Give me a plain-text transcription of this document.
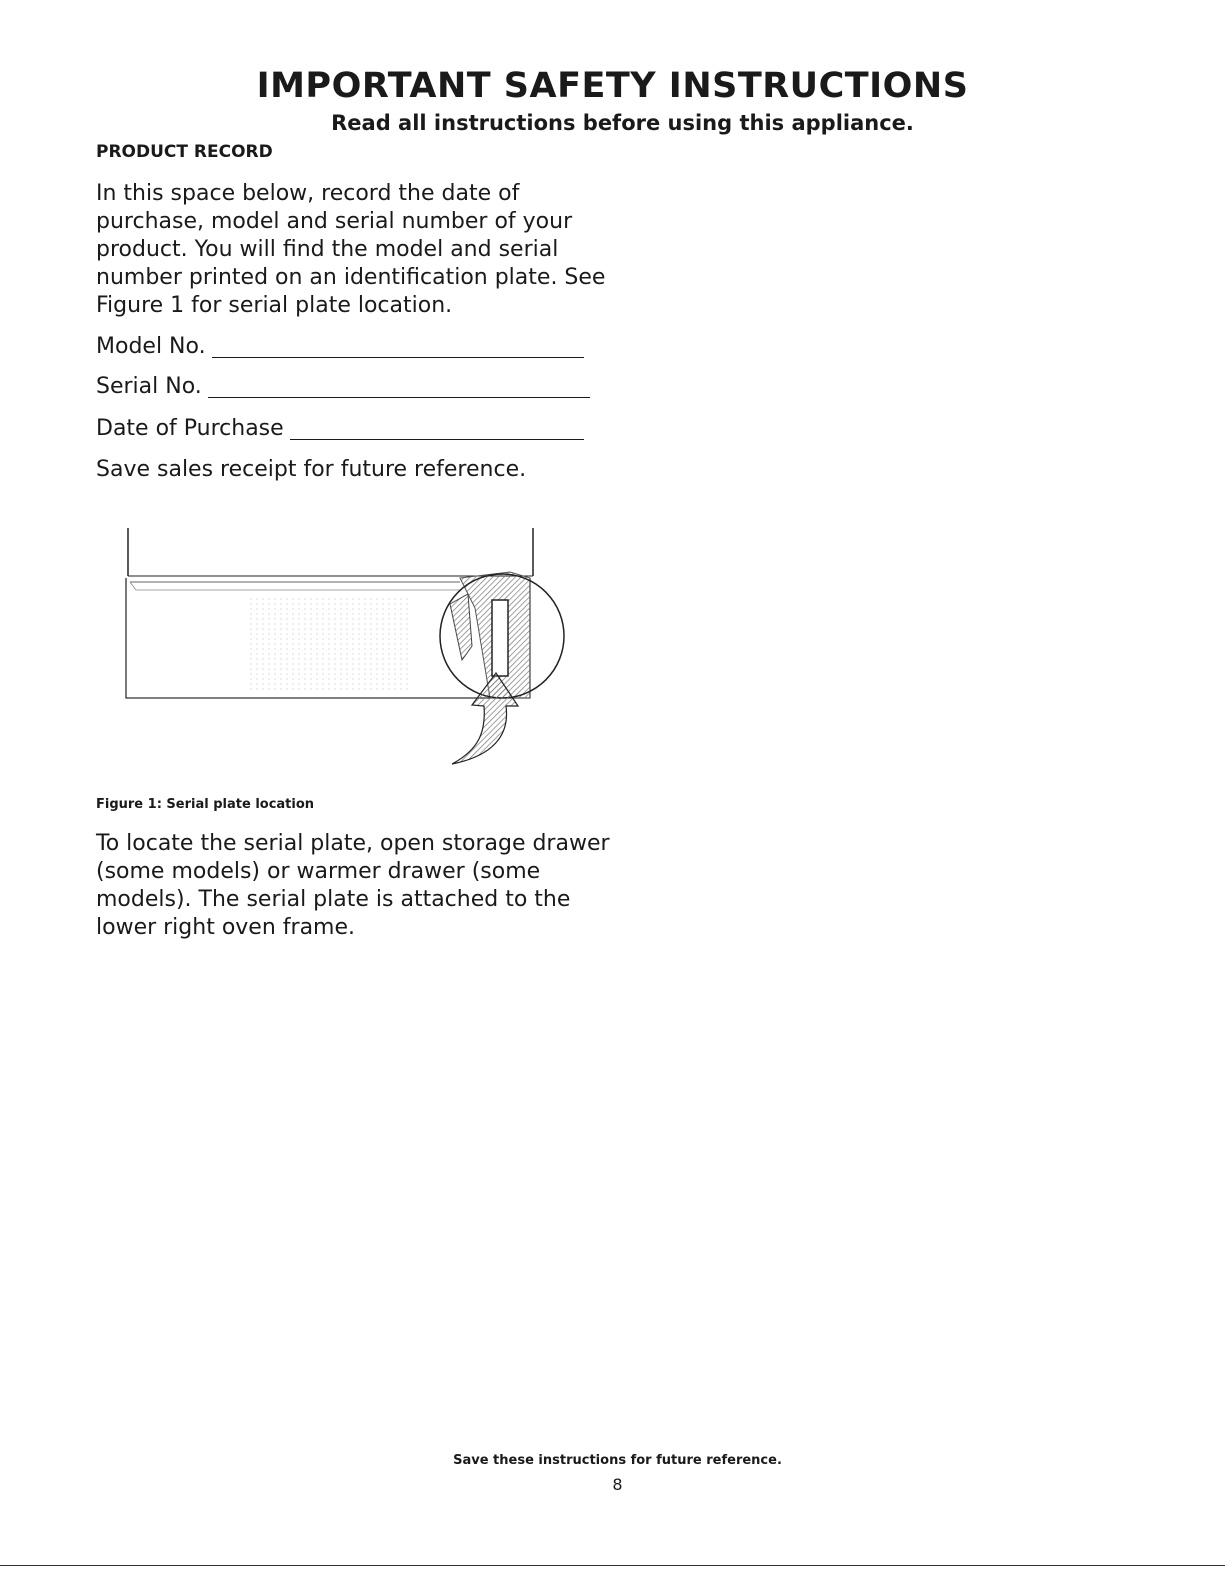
IMPORTANT SAFETY INSTRUCTIONS
Read all instructions before using this appliance.
PRODUCT RECORD

In this space below, record the date of purchase, model and serial number of your product. You will find the model and serial number printed on an identification plate. See Figure 1 for serial plate location.

Model No.
Serial No.
Date of Purchase

Save sales receipt for future reference.

Figure 1: Serial plate location

To locate the serial plate, open storage drawer (some models) or warmer drawer (some models). The serial plate is attached to the lower right oven frame.

Save these instructions for future reference.

8
